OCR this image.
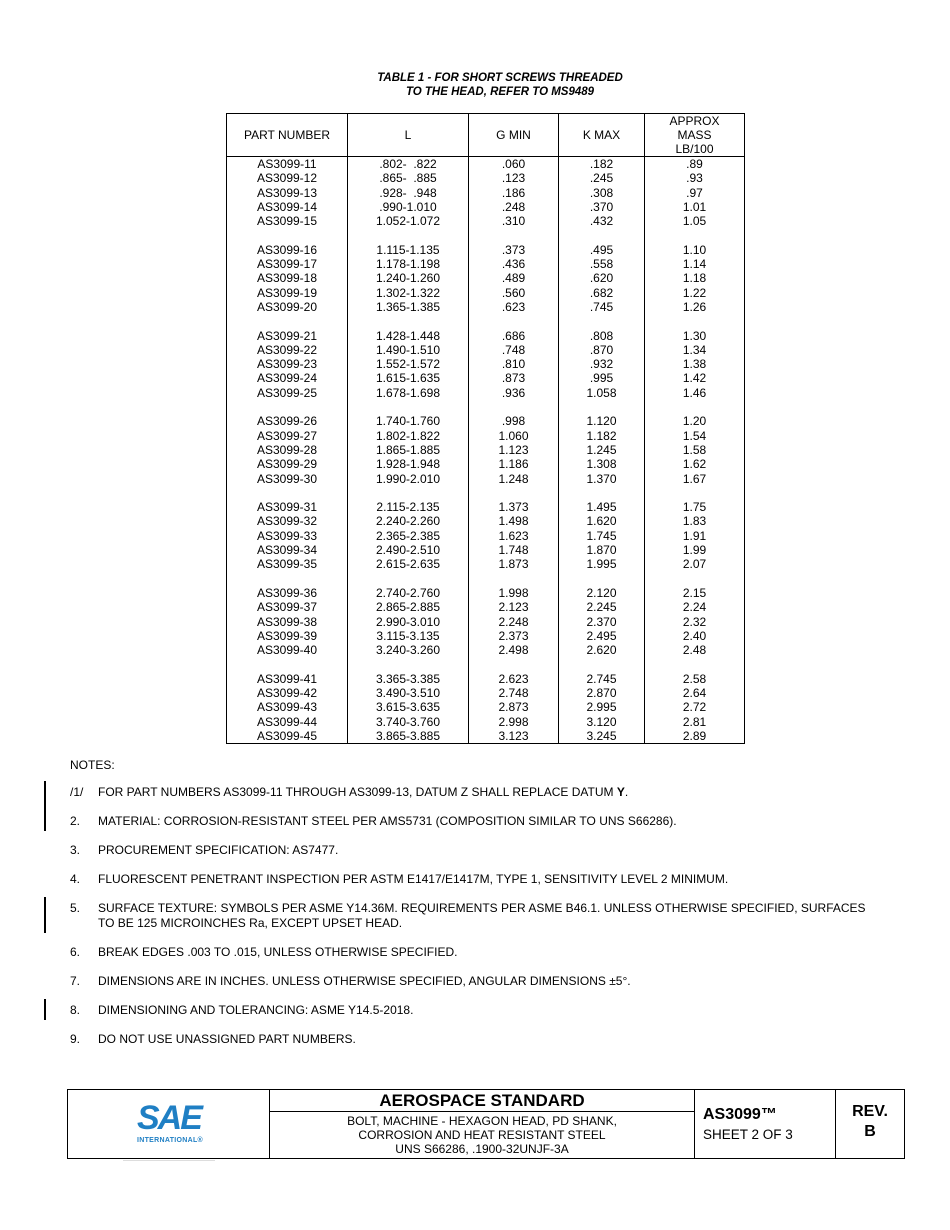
TABLE 1 - FOR SHORT SCREWS THREADED
TO THE HEAD, REFER TO MS9489
PART NUMBER	L	G MIN	K MAX	APPROX
MASS
LB/100

AS3099-11	.802-  .822	.060	.182	.89
AS3099-12	.865-  .885	.123	.245	.93
AS3099-13	.928-  .948	.186	.308	.97
AS3099-14	.990-1.010	.248	.370	1.01
AS3099-15	1.052-1.072	.310	.432	1.05

AS3099-16	1.115-1.135	.373	.495	1.10
AS3099-17	1.178-1.198	.436	.558	1.14
AS3099-18	1.240-1.260	.489	.620	1.18
AS3099-19	1.302-1.322	.560	.682	1.22
AS3099-20	1.365-1.385	.623	.745	1.26

AS3099-21	1.428-1.448	.686	.808	1.30
AS3099-22	1.490-1.510	.748	.870	1.34
AS3099-23	1.552-1.572	.810	.932	1.38
AS3099-24	1.615-1.635	.873	.995	1.42
AS3099-25	1.678-1.698	.936	1.058	1.46

AS3099-26	1.740-1.760	.998	1.120	1.20
AS3099-27	1.802-1.822	1.060	1.182	1.54
AS3099-28	1.865-1.885	1.123	1.245	1.58
AS3099-29	1.928-1.948	1.186	1.308	1.62
AS3099-30	1.990-2.010	1.248	1.370	1.67

AS3099-31	2.115-2.135	1.373	1.495	1.75
AS3099-32	2.240-2.260	1.498	1.620	1.83
AS3099-33	2.365-2.385	1.623	1.745	1.91
AS3099-34	2.490-2.510	1.748	1.870	1.99
AS3099-35	2.615-2.635	1.873	1.995	2.07

AS3099-36	2.740-2.760	1.998	2.120	2.15
AS3099-37	2.865-2.885	2.123	2.245	2.24
AS3099-38	2.990-3.010	2.248	2.370	2.32
AS3099-39	3.115-3.135	2.373	2.495	2.40
AS3099-40	3.240-3.260	2.498	2.620	2.48

AS3099-41	3.365-3.385	2.623	2.745	2.58
AS3099-42	3.490-3.510	2.748	2.870	2.64
AS3099-43	3.615-3.635	2.873	2.995	2.72
AS3099-44	3.740-3.760	2.998	3.120	2.81
AS3099-45	3.865-3.885	3.123	3.245	2.89
NOTES:
/1/	FOR PART NUMBERS AS3099-11 THROUGH AS3099-13, DATUM Z SHALL REPLACE DATUM Y.
2.	MATERIAL: CORROSION-RESISTANT STEEL PER AMS5731 (COMPOSITION SIMILAR TO UNS S66286).
3.	PROCUREMENT SPECIFICATION: AS7477.
4.	FLUORESCENT PENETRANT INSPECTION PER ASTM E1417/E1417M, TYPE 1, SENSITIVITY LEVEL 2 MINIMUM.
5.	SURFACE TEXTURE: SYMBOLS PER ASME Y14.36M. REQUIREMENTS PER ASME B46.1. UNLESS OTHERWISE SPECIFIED, SURFACES TO BE 125 MICROINCHES Ra, EXCEPT UPSET HEAD.
6.	BREAK EDGES .003 TO .015, UNLESS OTHERWISE SPECIFIED.
7.	DIMENSIONS ARE IN INCHES. UNLESS OTHERWISE SPECIFIED, ANGULAR DIMENSIONS ±5°.
8.	DIMENSIONING AND TOLERANCING: ASME Y14.5-2018.
9.	DO NOT USE UNASSIGNED PART NUMBERS.
SAE
INTERNATIONAL®
AEROSPACE STANDARD
BOLT, MACHINE - HEXAGON HEAD, PD SHANK,
CORROSION AND HEAT RESISTANT STEEL
UNS S66286, .1900-32UNJF-3A
AS3099™
SHEET 2 OF 3
REV.
B
